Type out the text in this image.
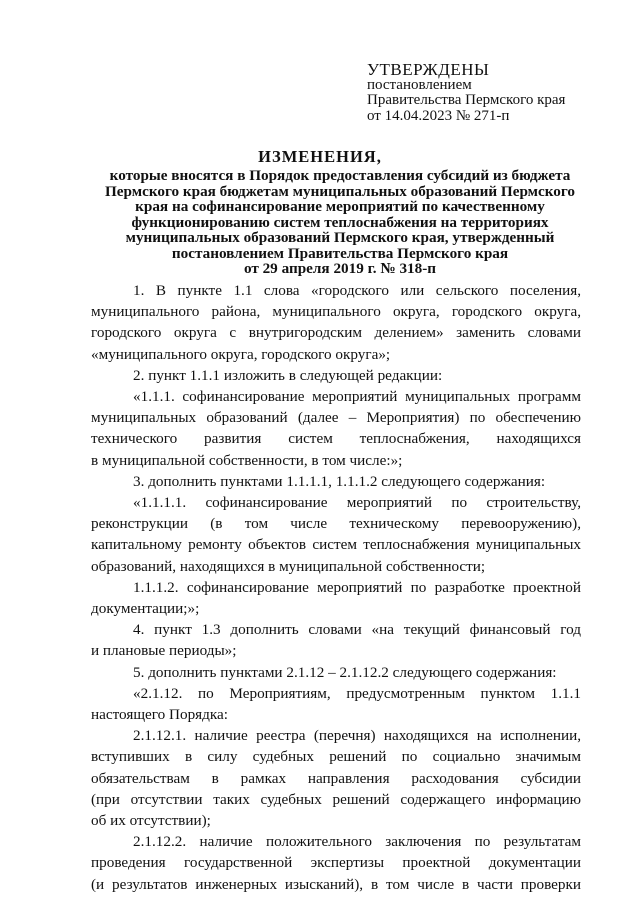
УТВЕРЖДЕНЫ
постановлением
Правительства Пермского края
от 14.04.2023 № 271-п
ИЗМЕНЕНИЯ,
которые вносятся в Порядок предоставления субсидий из бюджета
Пермского края бюджетам муниципальных образований Пермского
края на софинансирование мероприятий по качественному
функционированию систем теплоснабжения на территориях
муниципальных образований Пермского края, утвержденный
постановлением Правительства Пермского края
от 29 апреля 2019 г. № 318-п
1. В пункте 1.1 слова «городского или сельского поселения,
муниципального района, муниципального округа, городского округа,
городского округа с внутригородским делением» заменить словами
«муниципального округа, городского округа»;
2. пункт 1.1.1 изложить в следующей редакции:
«1.1.1. софинансирование мероприятий муниципальных программ
муниципальных образований (далее – Мероприятия) по обеспечению
технического развития систем теплоснабжения, находящихся
в муниципальной собственности, в том числе:»;
3. дополнить пунктами 1.1.1.1, 1.1.1.2 следующего содержания:
«1.1.1.1. софинансирование мероприятий по строительству,
реконструкции (в том числе техническому перевооружению),
капитальному ремонту объектов систем теплоснабжения муниципальных
образований, находящихся в муниципальной собственности;
1.1.1.2. софинансирование мероприятий по разработке проектной
документации;»;
4. пункт 1.3 дополнить словами «на текущий финансовый год
и плановые периоды»;
5. дополнить пунктами 2.1.12 – 2.1.12.2 следующего содержания:
«2.1.12. по Мероприятиям, предусмотренным пунктом 1.1.1
настоящего Порядка:
2.1.12.1. наличие реестра (перечня) находящихся на исполнении,
вступивших в силу судебных решений по социально значимым
обязательствам в рамках направления расходования субсидии
(при отсутствии таких судебных решений содержащего информацию
об их отсутствии);
2.1.12.2. наличие положительного заключения по результатам
проведения государственной экспертизы проектной документации
(и результатов инженерных изысканий), в том числе в части проверки
